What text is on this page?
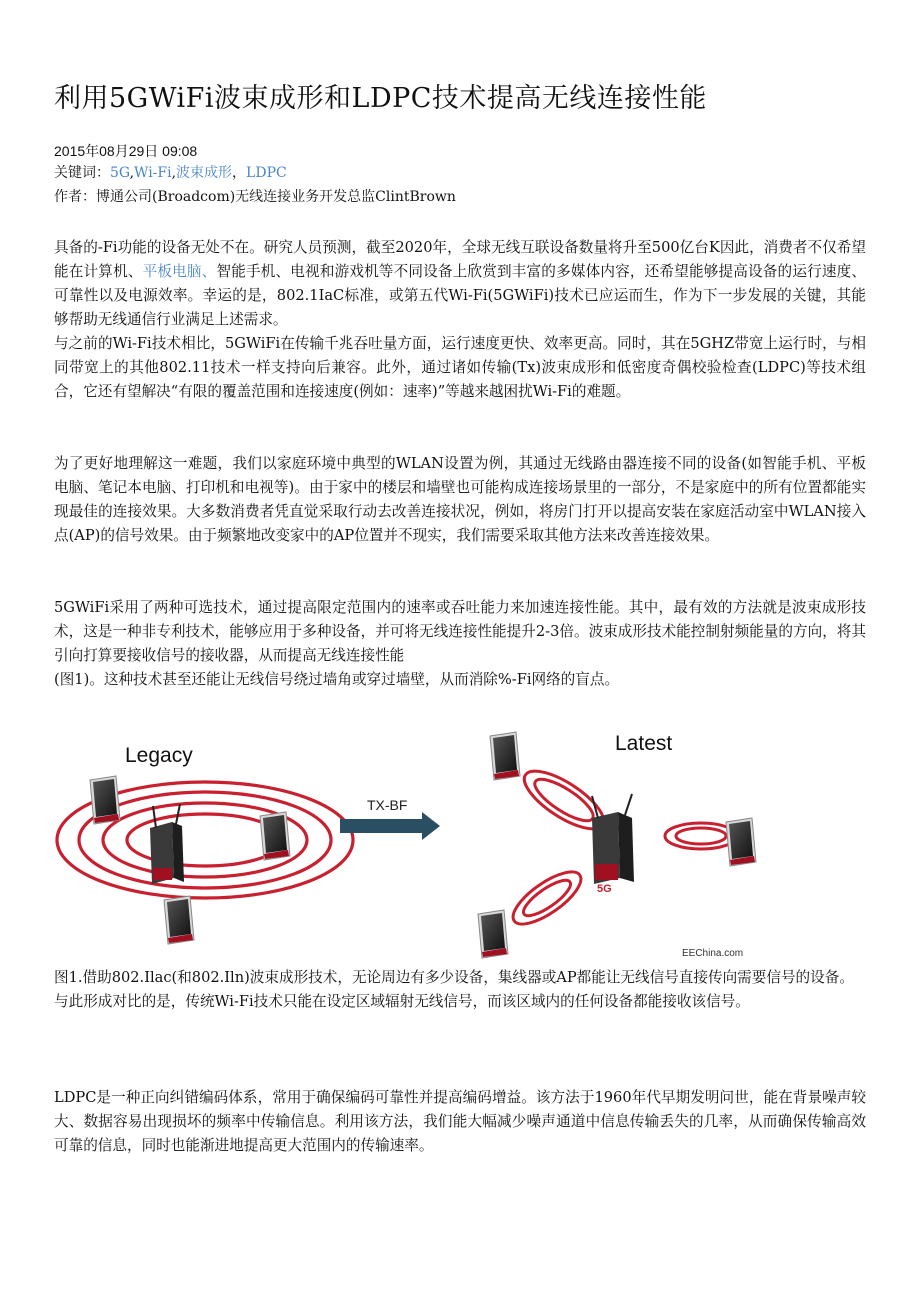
利用5GWiFi波束成形和LDPC技术提高无线连接性能
2015年08月29日 09:08
关键词：5G,Wi-Fi,波束成形，LDPC
作者：博通公司(Broadcom)无线连接业务开发总监ClintBrown

具备的-Fi功能的设备无处不在。研究人员预测，截至2020年，全球无线互联设备数量将升至500亿台K因此，消费者不仅希望能在计算机、平板电脑、智能手机、电视和游戏机等不同设备上欣赏到丰富的多媒体内容，还希望能够提高设备的运行速度、可靠性以及电源效率。幸运的是，802.1IaC标准，或第五代Wi-Fi(5GWiFi)技术已应运而生，作为下一步发展的关键，其能够帮助无线通信行业满足上述需求。

与之前的Wi-Fi技术相比，5GWiFi在传输千兆吞吐量方面，运行速度更快、效率更高。同时，其在5GHZ带宽上运行时，与相同带宽上的其他802.11技术一样支持向后兼容。此外，通过诸如传输(Tx)波束成形和低密度奇偶校验检查(LDPC)等技术组合，它还有望解决“有限的覆盖范围和连接速度(例如：速率)”等越来越困扰Wi-Fi的难题。

为了更好地理解这一难题，我们以家庭环境中典型的WLAN设置为例，其通过无线路由器连接不同的设备(如智能手机、平板电脑、笔记本电脑、打印机和电视等)。由于家中的楼层和墙壁也可能构成连接场景里的一部分，不是家庭中的所有位置都能实现最佳的连接效果。大多数消费者凭直觉采取行动去改善连接状况，例如，将房门打开以提高安装在家庭活动室中WLAN接入点(AP)的信号效果。由于频繁地改变家中的AP位置并不现实，我们需要采取其他方法来改善连接效果。

5GWiFi采用了两种可选技术，通过提高限定范围内的速率或吞吐能力来加速连接性能。其中，最有效的方法就是波束成形技术，这是一种非专利技术，能够应用于多种设备，并可将无线连接性能提升2-3倍。波束成形技术能控制射频能量的方向，将其引向打算要接收信号的接收器，从而提高无线连接性能

(图1)。这种技术甚至还能让无线信号绕过墙角或穿过墙壁，从而消除%-Fi网络的盲点。

Legacy
TX-BF
Latest
5G
EEChina.com
图1.借助802.Ilac(和802.Iln)波束成形技术，无论周边有多少设备，集线器或AP都能让无线信号直接传向需要信号的设备。与此形成对比的是，传统Wi-Fi技术只能在设定区域辐射无线信号，而该区域内的任何设备都能接收该信号。

LDPC是一种正向纠错编码体系，常用于确保编码可靠性并提高编码增益。该方法于1960年代早期发明问世，能在背景噪声较大、数据容易出现损坏的频率中传输信息。利用该方法，我们能大幅减少噪声通道中信息传输丢失的几率，从而确保传输高效可靠的信息，同时也能渐进地提高更大范围内的传输速率。
